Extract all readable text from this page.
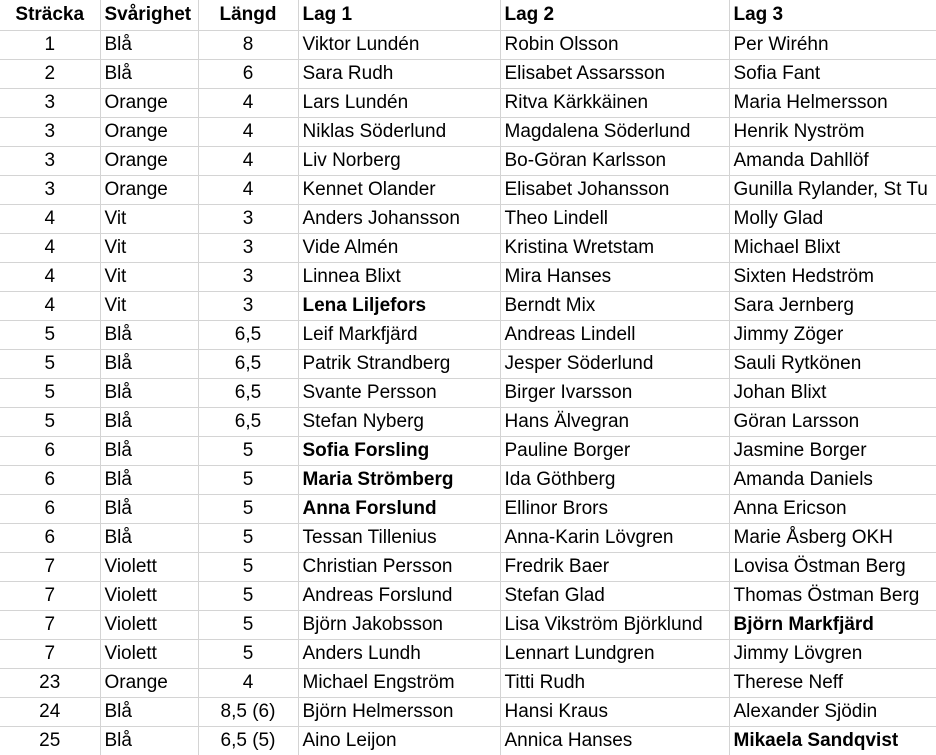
Sträcka	Svårighet	Längd	Lag 1	Lag 2	Lag 3
1	Blå	8	Viktor Lundén	Robin Olsson	Per Wiréhn
2	Blå	6	Sara Rudh	Elisabet Assarsson	Sofia Fant
3	Orange	4	Lars Lundén	Ritva Kärkkäinen	Maria Helmersson
3	Orange	4	Niklas Söderlund	Magdalena Söderlund	Henrik Nyström
3	Orange	4	Liv Norberg	Bo-Göran Karlsson	Amanda Dahllöf
3	Orange	4	Kennet Olander	Elisabet Johansson	Gunilla Rylander, St Tu
4	Vit	3	Anders Johansson	Theo Lindell	Molly Glad
4	Vit	3	Vide Almén	Kristina Wretstam	Michael Blixt
4	Vit	3	Linnea Blixt	Mira Hanses	Sixten Hedström
4	Vit	3	Lena Liljefors	Berndt Mix	Sara Jernberg
5	Blå	6,5	Leif Markfjärd	Andreas Lindell	Jimmy Zöger
5	Blå	6,5	Patrik Strandberg	Jesper Söderlund	Sauli Rytkönen
5	Blå	6,5	Svante Persson	Birger Ivarsson	Johan Blixt
5	Blå	6,5	Stefan Nyberg	Hans Älvegran	Göran Larsson
6	Blå	5	Sofia Forsling	Pauline Borger	Jasmine Borger
6	Blå	5	Maria Strömberg	Ida Göthberg	Amanda Daniels
6	Blå	5	Anna Forslund	Ellinor Brors	Anna Ericson
6	Blå	5	Tessan Tillenius	Anna-Karin Lövgren	Marie Åsberg OKH
7	Violett	5	Christian Persson	Fredrik Baer	Lovisa Östman Berg
7	Violett	5	Andreas Forslund	Stefan Glad	Thomas Östman Berg
7	Violett	5	Björn Jakobsson	Lisa Vikström Björklund	Björn Markfjärd
7	Violett	5	Anders Lundh	Lennart Lundgren	Jimmy Lövgren
23	Orange	4	Michael Engström	Titti Rudh	Therese Neff
24	Blå	8,5 (6)	Björn Helmersson	Hansi Kraus	Alexander Sjödin
25	Blå	6,5 (5)	Aino Leijon	Annica Hanses	Mikaela Sandqvist
